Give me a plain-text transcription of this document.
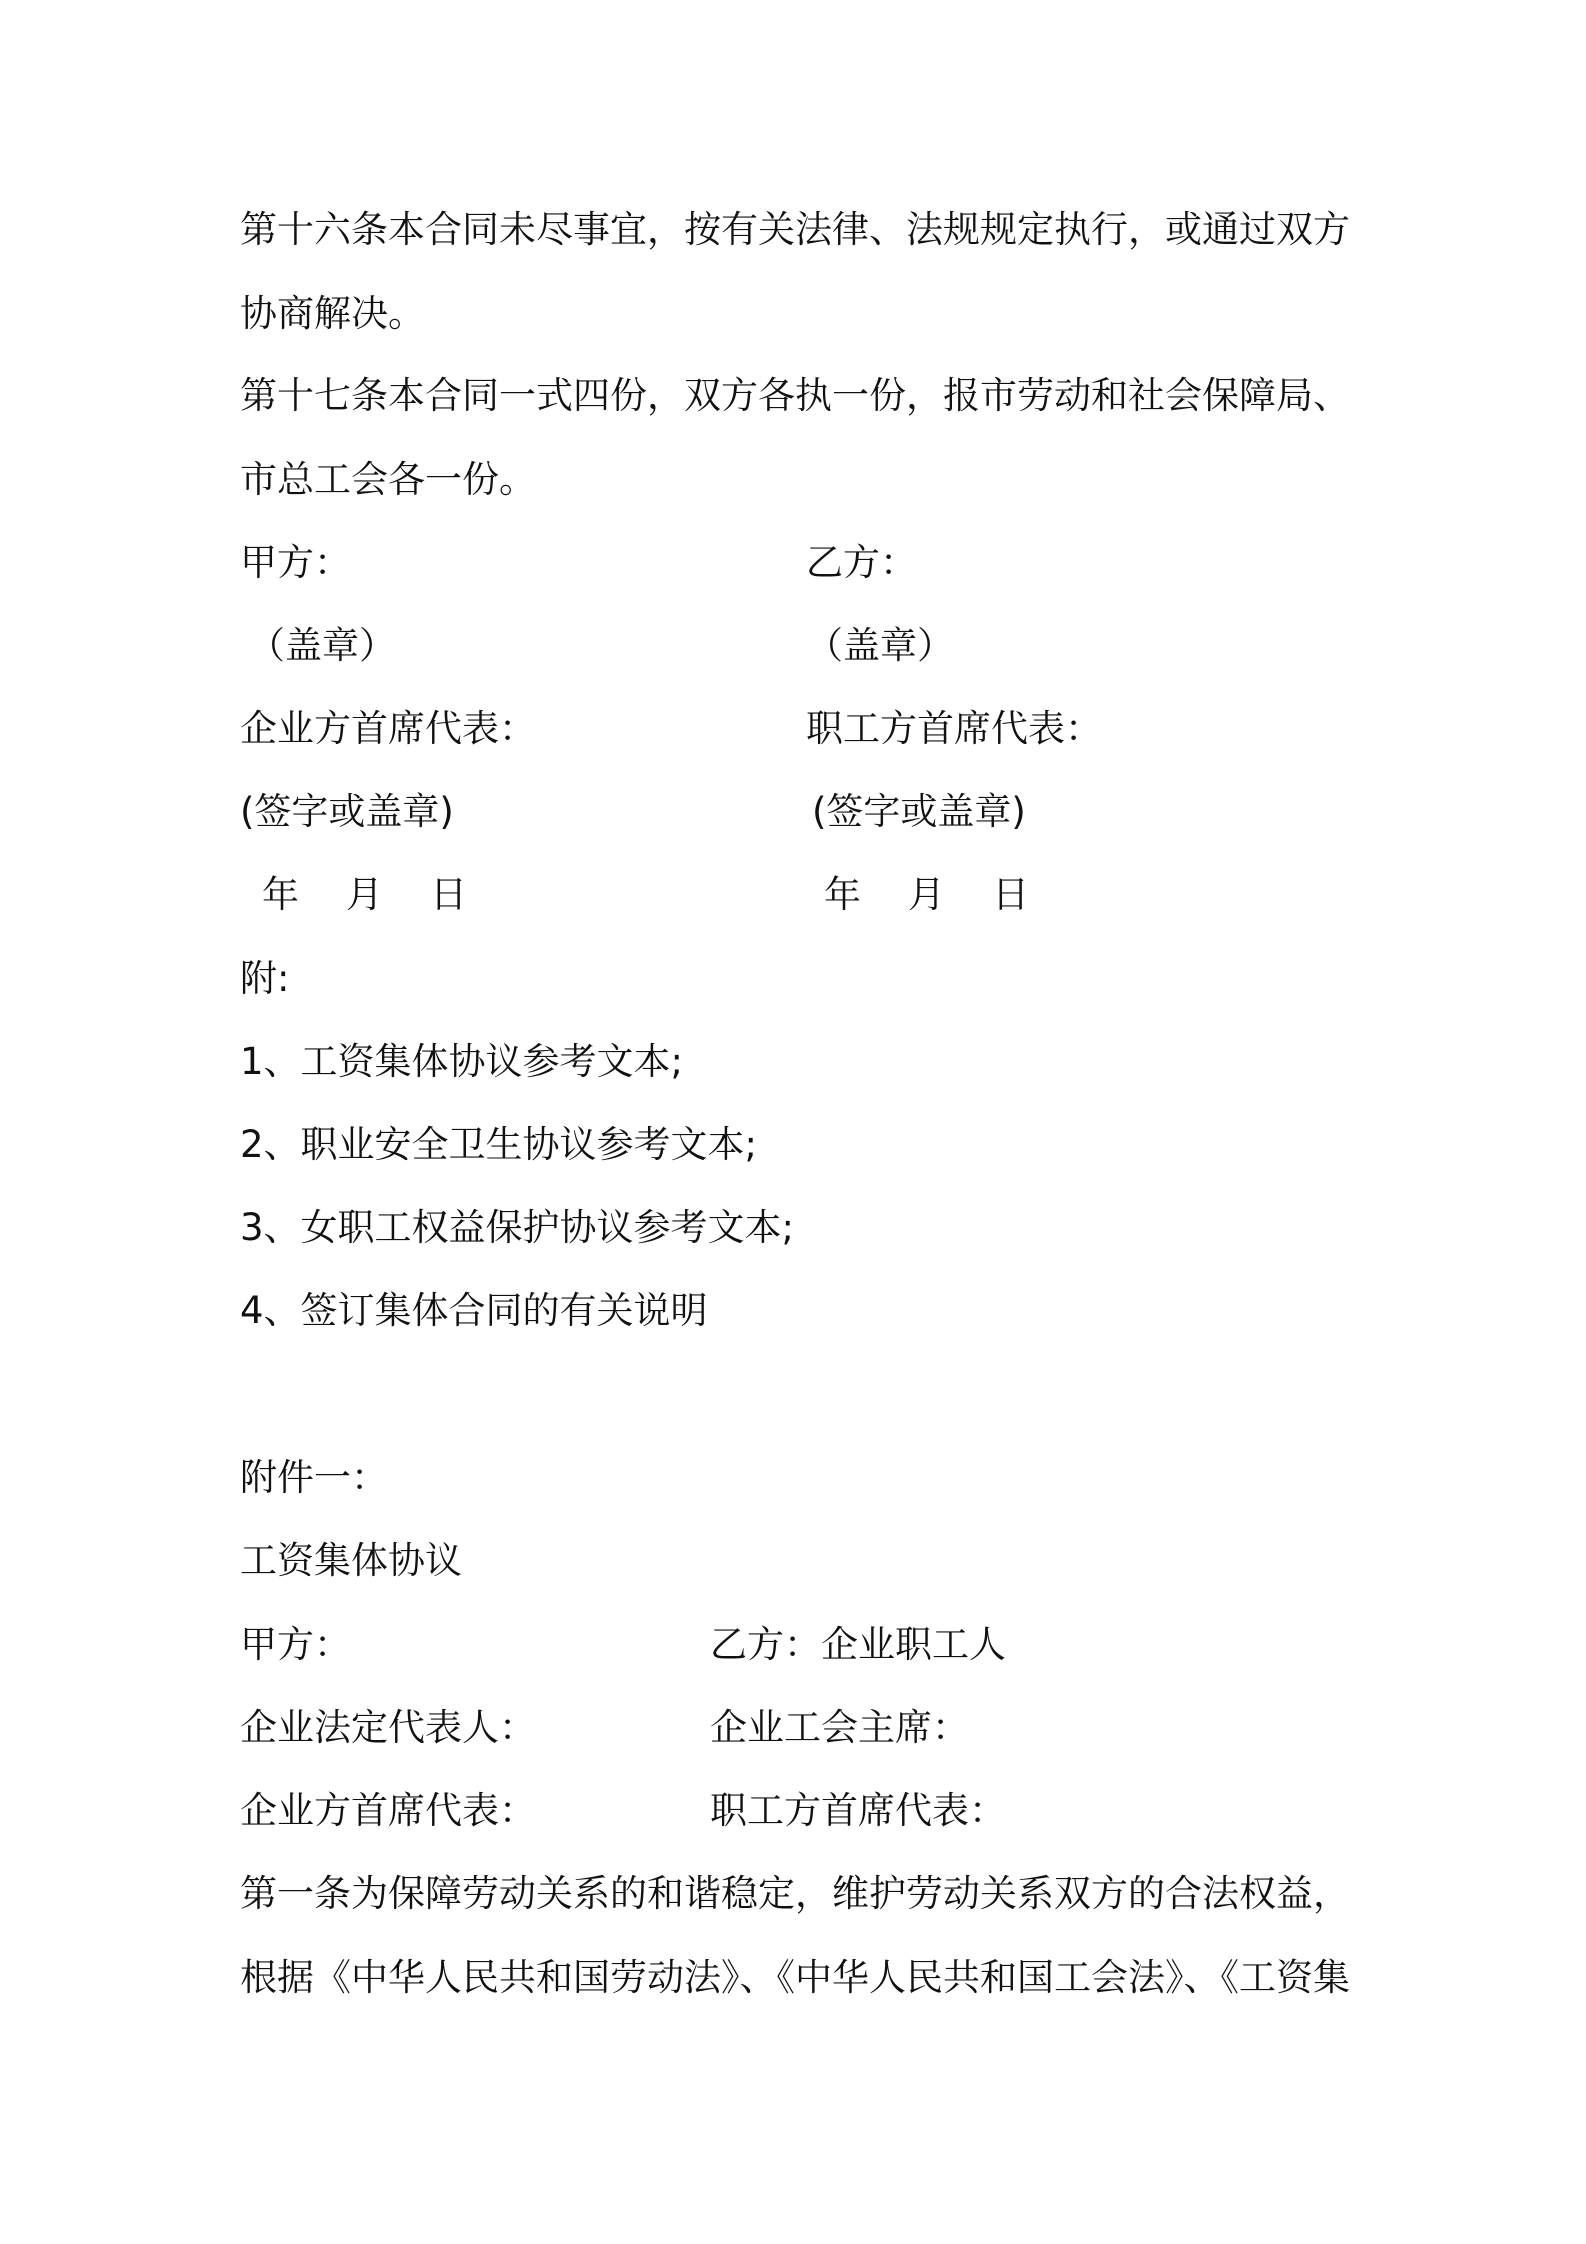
第十六条本合同未尽事宜，按有关法律、法规规定执行，或通过双方协商解决。
第十七条本合同一式四份，双方各执一份，报市劳动和社会保障局、市总工会各一份。
甲方：	乙方：
（盖章）	（盖章）
企业方首席代表：	职工方首席代表：
(签字或盖章)	(签字或盖章)
年    月    日	年    月    日
附:
1、工资集体协议参考文本;
2、职业安全卫生协议参考文本;
3、女职工权益保护协议参考文本;
4、签订集体合同的有关说明
附件一：
工资集体协议
甲方：	乙方：企业职工人
企业法定代表人：	企业工会主席：
企业方首席代表：	职工方首席代表：
第一条为保障劳动关系的和谐稳定，维护劳动关系双方的合法权益，根据《中华人民共和国劳动法》、《中华人民共和国工会法》、《工资集
